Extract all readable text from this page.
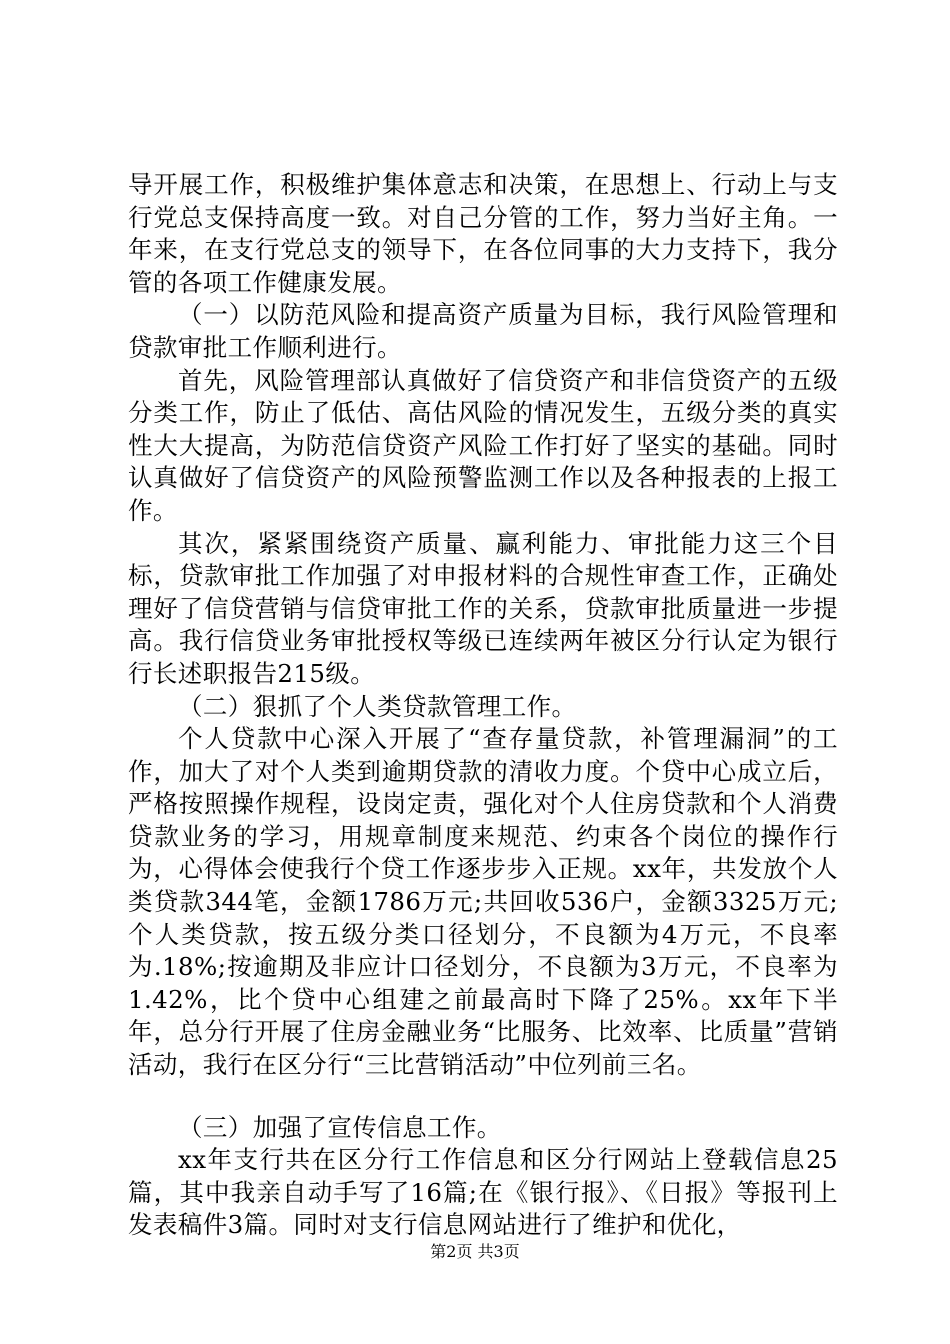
导开展工作，积极维护集体意志和决策，在思想上、行动上与支行党总支保持高度一致。对自己分管的工作，努力当好主角。一年来，在支行党总支的领导下，在各位同事的大力支持下，我分管的各项工作健康发展。

（一）以防范风险和提高资产质量为目标，我行风险管理和贷款审批工作顺利进行。

首先，风险管理部认真做好了信贷资产和非信贷资产的五级分类工作，防止了低估、高估风险的情况发生，五级分类的真实性大大提高，为防范信贷资产风险工作打好了坚实的基础。同时认真做好了信贷资产的风险预警监测工作以及各种报表的上报工作。

其次，紧紧围绕资产质量、赢利能力、审批能力这三个目标，贷款审批工作加强了对申报材料的合规性审查工作，正确处理好了信贷营销与信贷审批工作的关系，贷款审批质量进一步提高。我行信贷业务审批授权等级已连续两年被区分行认定为银行行长述职报告215级。

（二）狠抓了个人类贷款管理工作。

个人贷款中心深入开展了“查存量贷款，补管理漏洞”的工作，加大了对个人类到逾期贷款的清收力度。个贷中心成立后，严格按照操作规程，设岗定责，强化对个人住房贷款和个人消费贷款业务的学习，用规章制度来规范、约束各个岗位的操作行为，心得体会使我行个贷工作逐步步入正规。xx年，共发放个人类贷款344笔，金额1786万元;共回收536户，金额3325万元;个人类贷款，按五级分类口径划分，不良额为4万元，不良率为.18%;按逾期及非应计口径划分，不良额为3万元，不良率为1.42%，比个贷中心组建之前最高时下降了25%。xx年下半年，总分行开展了住房金融业务“比服务、比效率、比质量”营销活动，我行在区分行“三比营销活动”中位列前三名。

（三）加强了宣传信息工作。

xx年支行共在区分行工作信息和区分行网站上登载信息25篇，其中我亲自动手写了16篇;在《银行报》、《日报》等报刊上发表稿件3篇。同时对支行信息网站进行了维护和优化，

第2页 共3页
